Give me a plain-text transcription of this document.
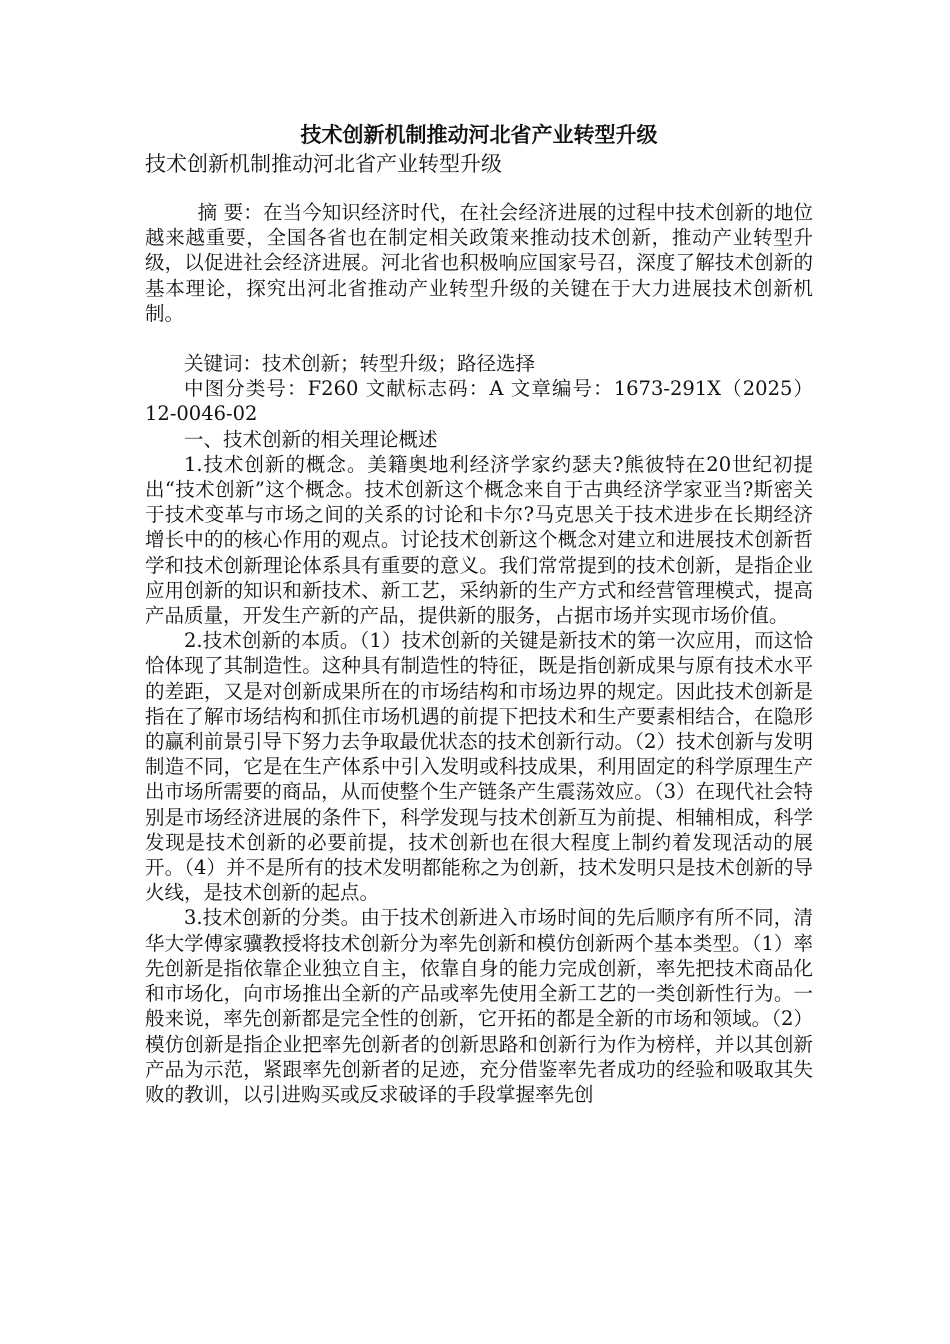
技术创新机制推动河北省产业转型升级
技术创新机制推动河北省产业转型升级

摘 要：在当今知识经济时代，在社会经济进展的过程中技术创新的地位越来越重要，全国各省也在制定相关政策来推动技术创新，推动产业转型升级，以促进社会经济进展。河北省也积极响应国家号召，深度了解技术创新的基本理论，探究出河北省推动产业转型升级的关键在于大力进展技术创新机制。

关键词：技术创新；转型升级；路径选择

中图分类号：F260 文献标志码：A 文章编号：1673-291X（2025）12-0046-02

一、技术创新的相关理论概述

1.技术创新的概念。美籍奥地利经济学家约瑟夫?熊彼特在20世纪初提出“技术创新”这个概念。技术创新这个概念来自于古典经济学家亚当?斯密关于技术变革与市场之间的关系的讨论和卡尔?马克思关于技术进步在长期经济增长中的的核心作用的观点。讨论技术创新这个概念对建立和进展技术创新哲学和技术创新理论体系具有重要的意义。我们常常提到的技术创新，是指企业应用创新的知识和新技术、新工艺，采纳新的生产方式和经营管理模式，提高产品质量，开发生产新的产品，提供新的服务，占据市场并实现市场价值。

2.技术创新的本质。（1）技术创新的关键是新技术的第一次应用，而这恰恰体现了其制造性。这种具有制造性的特征，既是指创新成果与原有技术水平的差距，又是对创新成果所在的市场结构和市场边界的规定。因此技术创新是指在了解市场结构和抓住市场机遇的前提下把技术和生产要素相结合，在隐形的赢利前景引导下努力去争取最优状态的技术创新行动。（2）技术创新与发明制造不同，它是在生产体系中引入发明或科技成果，利用固定的科学原理生产出市场所需要的商品，从而使整个生产链条产生震荡效应。（3）在现代社会特别是市场经济进展的条件下，科学发现与技术创新互为前提、相辅相成，科学发现是技术创新的必要前提，技术创新也在很大程度上制约着发现活动的展开。（4）并不是所有的技术发明都能称之为创新，技术发明只是技术创新的导火线，是技术创新的起点。

3.技术创新的分类。由于技术创新进入市场时间的先后顺序有所不同，清华大学傅家骥教授将技术创新分为率先创新和模仿创新两个基本类型。（1）率先创新是指依靠企业独立自主，依靠自身的能力完成创新，率先把技术商品化和市场化，向市场推出全新的产品或率先使用全新工艺的一类创新性行为。一般来说，率先创新都是完全性的创新，它开拓的都是全新的市场和领域。（2）模仿创新是指企业把率先创新者的创新思路和创新行为作为榜样，并以其创新产品为示范，紧跟率先创新者的足迹，充分借鉴率先者成功的经验和吸取其失败的教训，以引进购买或反求破译的手段掌握率先创
